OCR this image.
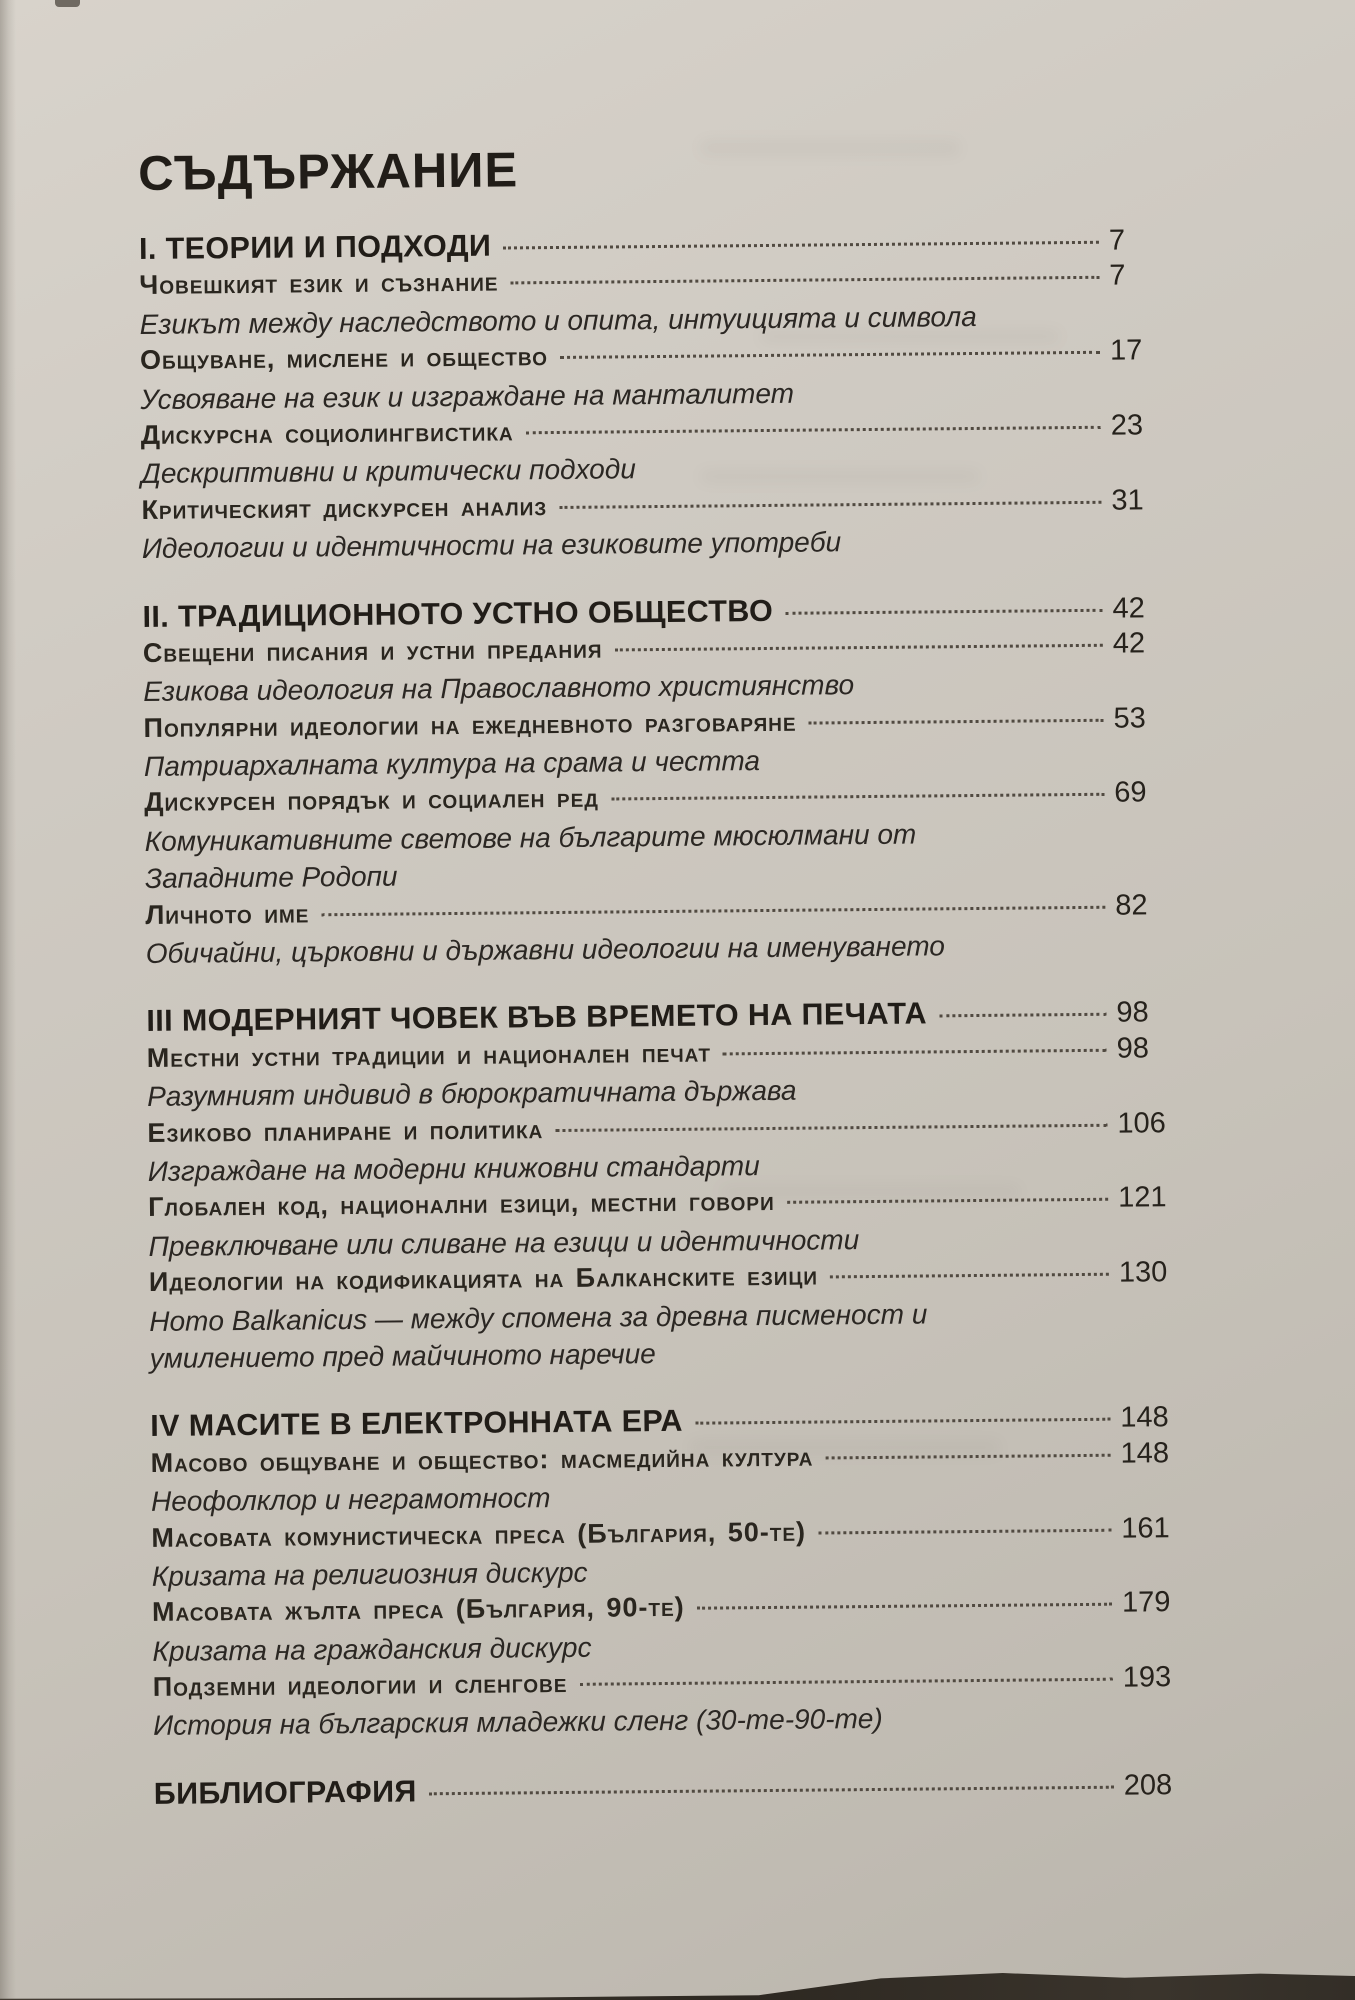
СЪДЪРЖАНИЕ
I. ТЕОРИИ И ПОДХОДИ	7
Човешкият език и съзнание	7
Езикът между наследството и опита, интуицията и символа
Общуване, мислене и общество	17
Усвояване на език и изграждане на манталитет
Дискурсна социолингвистика	23
Дескриптивни и критически подходи
Критическият дискурсен анализ	31
Идеологии и идентичности на езиковите употреби
II. ТРАДИЦИОННОТО УСТНО ОБЩЕСТВО	42
Свещени писания и устни предания	42
Езикова идеология на Православното християнство
Популярни идеологии на ежедневното разговаряне	53
Патриархалната култура на срама и честта
Дискурсен порядък и социален ред	69
Комуникативните светове на българите мюсюлмани от
Западните Родопи
Личното име	82
Обичайни, църковни и държавни идеологии на именуването
III МОДЕРНИЯТ ЧОВЕК ВЪВ ВРЕМЕТО НА ПЕЧАТА	98
Местни устни традиции и национален печат	98
Разумният индивид в бюрократичната държава
Езиково планиране и политика	106
Изграждане на модерни книжовни стандарти
Глобален код, национални езици, местни говори	121
Превключване или сливане на езици и идентичности
Идеологии на кодификацията на Балканските езици	130
Homo Balkanicus — между спомена за древна писменост и
умилението пред майчиното наречие
IV МАСИТЕ В ЕЛЕКТРОННАТА ЕРА	148
Масово общуване и общество: масмедийна култура	148
Неофолклор и неграмотност
Масовата комунистическа преса (България, 50-те)	161
Кризата на религиозния дискурс
Масовата жълта преса (България, 90-те)	179
Кризата на гражданския дискурс
Подземни идеологии и сленгове	193
История на българския младежки сленг (30-те-90-те)
БИБЛИОГРАФИЯ	208
